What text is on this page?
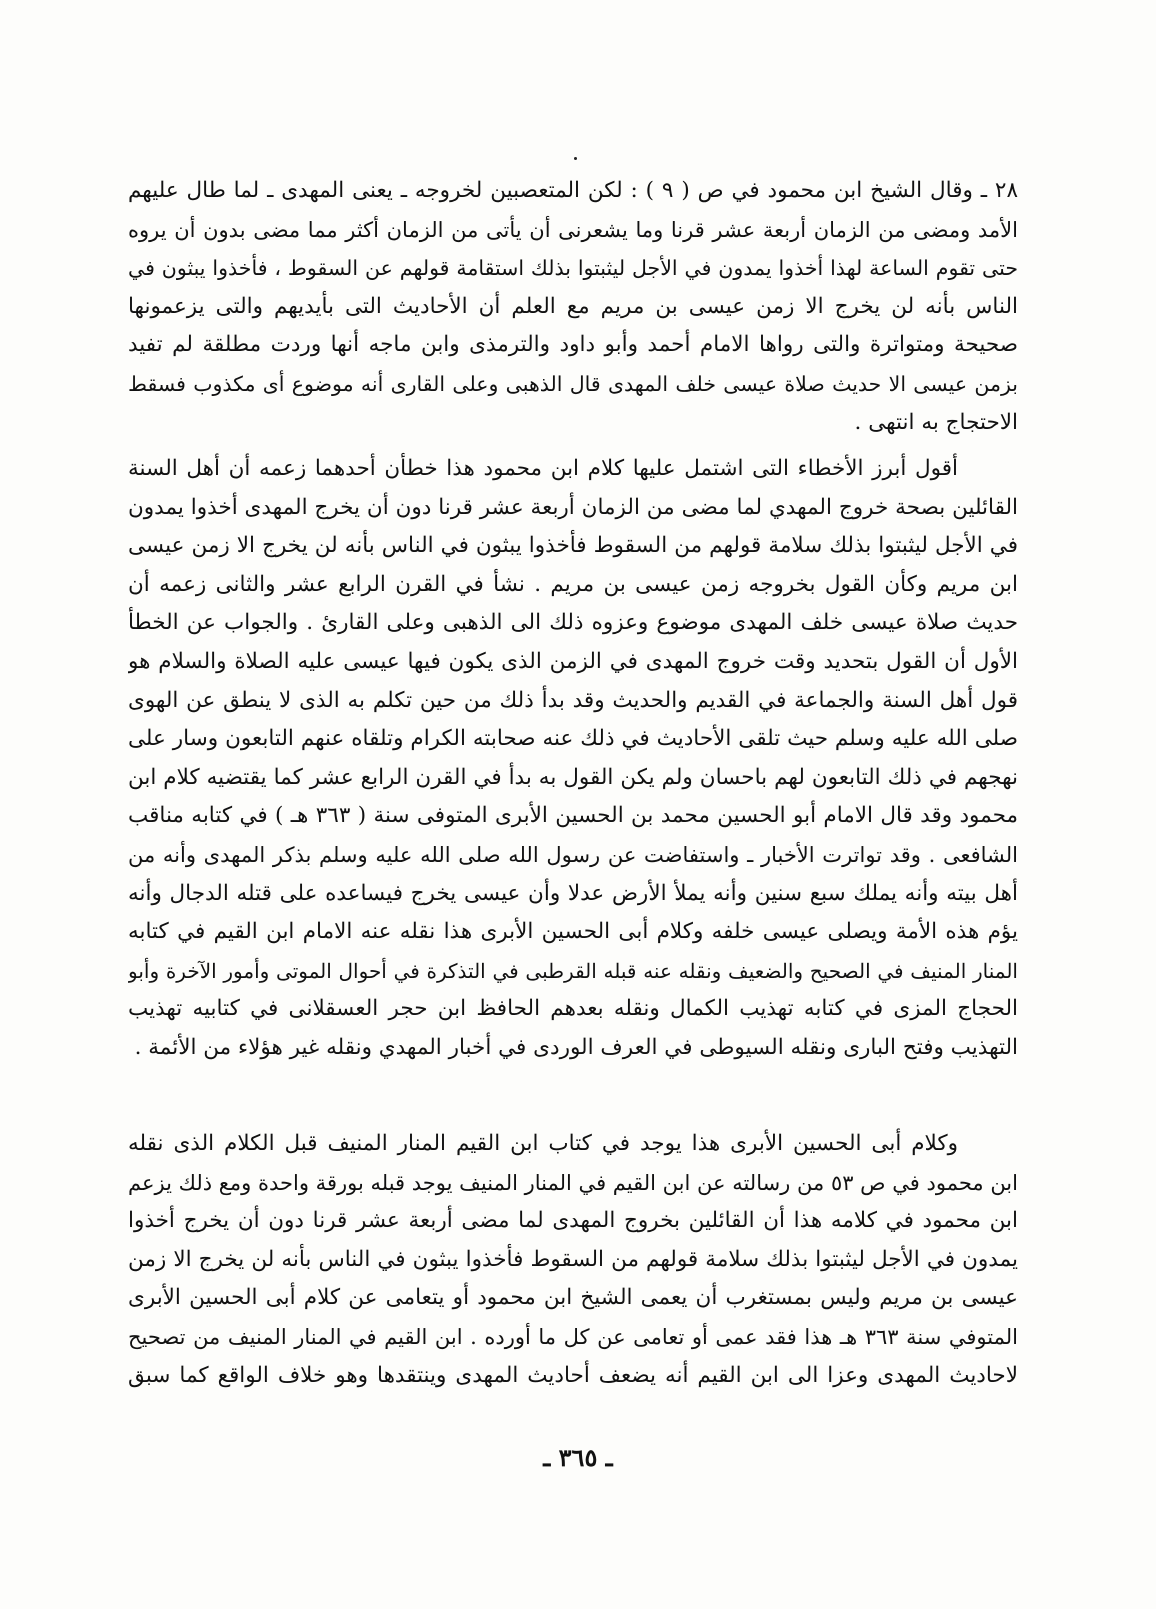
٢٨ ـ وقال الشيخ ابن محمود في ص ( ٩ ) : لكن المتعصبين لخروجه ـ يعنى المهدى ـ لما طال عليهم
الأمد ومضى من الزمان أربعة عشر قرنا وما يشعرنى أن يأتى من الزمان أكثر مما مضى بدون أن يروه
حتى تقوم الساعة لهذا أخذوا يمدون في الأجل ليثبتوا بذلك استقامة قولهم عن السقوط ، فأخذوا يبثون في
الناس بأنه لن يخرج الا زمن عيسى بن مريم مع العلم أن الأحاديث التى بأيديهم والتى يزعمونها
صحيحة ومتواترة والتى رواها الامام أحمد وأبو داود والترمذى وابن ماجه أنها وردت مطلقة لم تفيد
بزمن عيسى الا حديث صلاة عيسى خلف المهدى قال الذهبى وعلى القارى أنه موضوع أى مكذوب فسقط
الاحتجاج به انتهى .
أقول أبرز الأخطاء التى اشتمل عليها كلام ابن محمود هذا خطأن أحدهما زعمه أن أهل السنة
القائلين بصحة خروج المهدي لما مضى من الزمان أربعة عشر قرنا دون أن يخرج المهدى أخذوا يمدون
في الأجل ليثبتوا بذلك سلامة قولهم من السقوط فأخذوا يبثون في الناس بأنه لن يخرج الا زمن عيسى
ابن مريم وكأن القول بخروجه زمن عيسى بن مريم . نشأ في القرن الرابع عشر والثانى زعمه أن
حديث صلاة عيسى خلف المهدى موضوع وعزوه ذلك الى الذهبى وعلى القارئ . والجواب عن الخطأ
الأول أن القول بتحديد وقت خروج المهدى في الزمن الذى يكون فيها عيسى عليه الصلاة والسلام هو
قول أهل السنة والجماعة في القديم والحديث وقد بدأ ذلك من حين تكلم به الذى لا ينطق عن الهوى
صلى الله عليه وسلم حيث تلقى الأحاديث في ذلك عنه صحابته الكرام وتلقاه عنهم التابعون وسار على
نهجهم في ذلك التابعون لهم باحسان ولم يكن القول به بدأ في القرن الرابع عشر كما يقتضيه كلام ابن
محمود وقد قال الامام أبو الحسين محمد بن الحسين الأبرى المتوفى سنة ( ٣٦٣ هـ ) في كتابه مناقب
الشافعى . وقد تواترت الأخبار ـ واستفاضت عن رسول الله صلى الله عليه وسلم بذكر المهدى وأنه من
أهل بيته وأنه يملك سبع سنين وأنه يملأ الأرض عدلا وأن عيسى يخرج فيساعده على قتله الدجال وأنه
يؤم هذه الأمة ويصلى عيسى خلفه وكلام أبى الحسين الأبرى هذا نقله عنه الامام ابن القيم في كتابه
المنار المنيف في الصحيح والضعيف ونقله عنه قبله القرطبى في التذكرة في أحوال الموتى وأمور الآخرة وأبو
الحجاج المزى في كتابه تهذيب الكمال ونقله بعدهم الحافظ ابن حجر العسقلانى في كتابيه تهذيب
التهذيب وفتح البارى ونقله السيوطى في العرف الوردى في أخبار المهدي ونقله غير هؤلاء من الأئمة .
وكلام أبى الحسين الأبرى هذا يوجد في كتاب ابن القيم المنار المنيف قبل الكلام الذى نقله
ابن محمود في ص ٥٣ من رسالته عن ابن القيم في المنار المنيف يوجد قبله بورقة واحدة ومع ذلك يزعم
ابن محمود في كلامه هذا أن القائلين بخروج المهدى لما مضى أربعة عشر قرنا دون أن يخرج أخذوا
يمدون في الأجل ليثبتوا بذلك سلامة قولهم من السقوط فأخذوا يبثون في الناس بأنه لن يخرج الا زمن
عيسى بن مريم وليس بمستغرب أن يعمى الشيخ ابن محمود أو يتعامى عن كلام أبى الحسين الأبرى
المتوفي سنة ٣٦٣ هـ هذا فقد عمى أو تعامى عن كل ما أورده . ابن القيم في المنار المنيف من تصحيح
لاحاديث المهدى وعزا الى ابن القيم أنه يضعف أحاديث المهدى وينتقدها وهو خلاف الواقع كما سبق
ـ ٣٦٥ ـ
